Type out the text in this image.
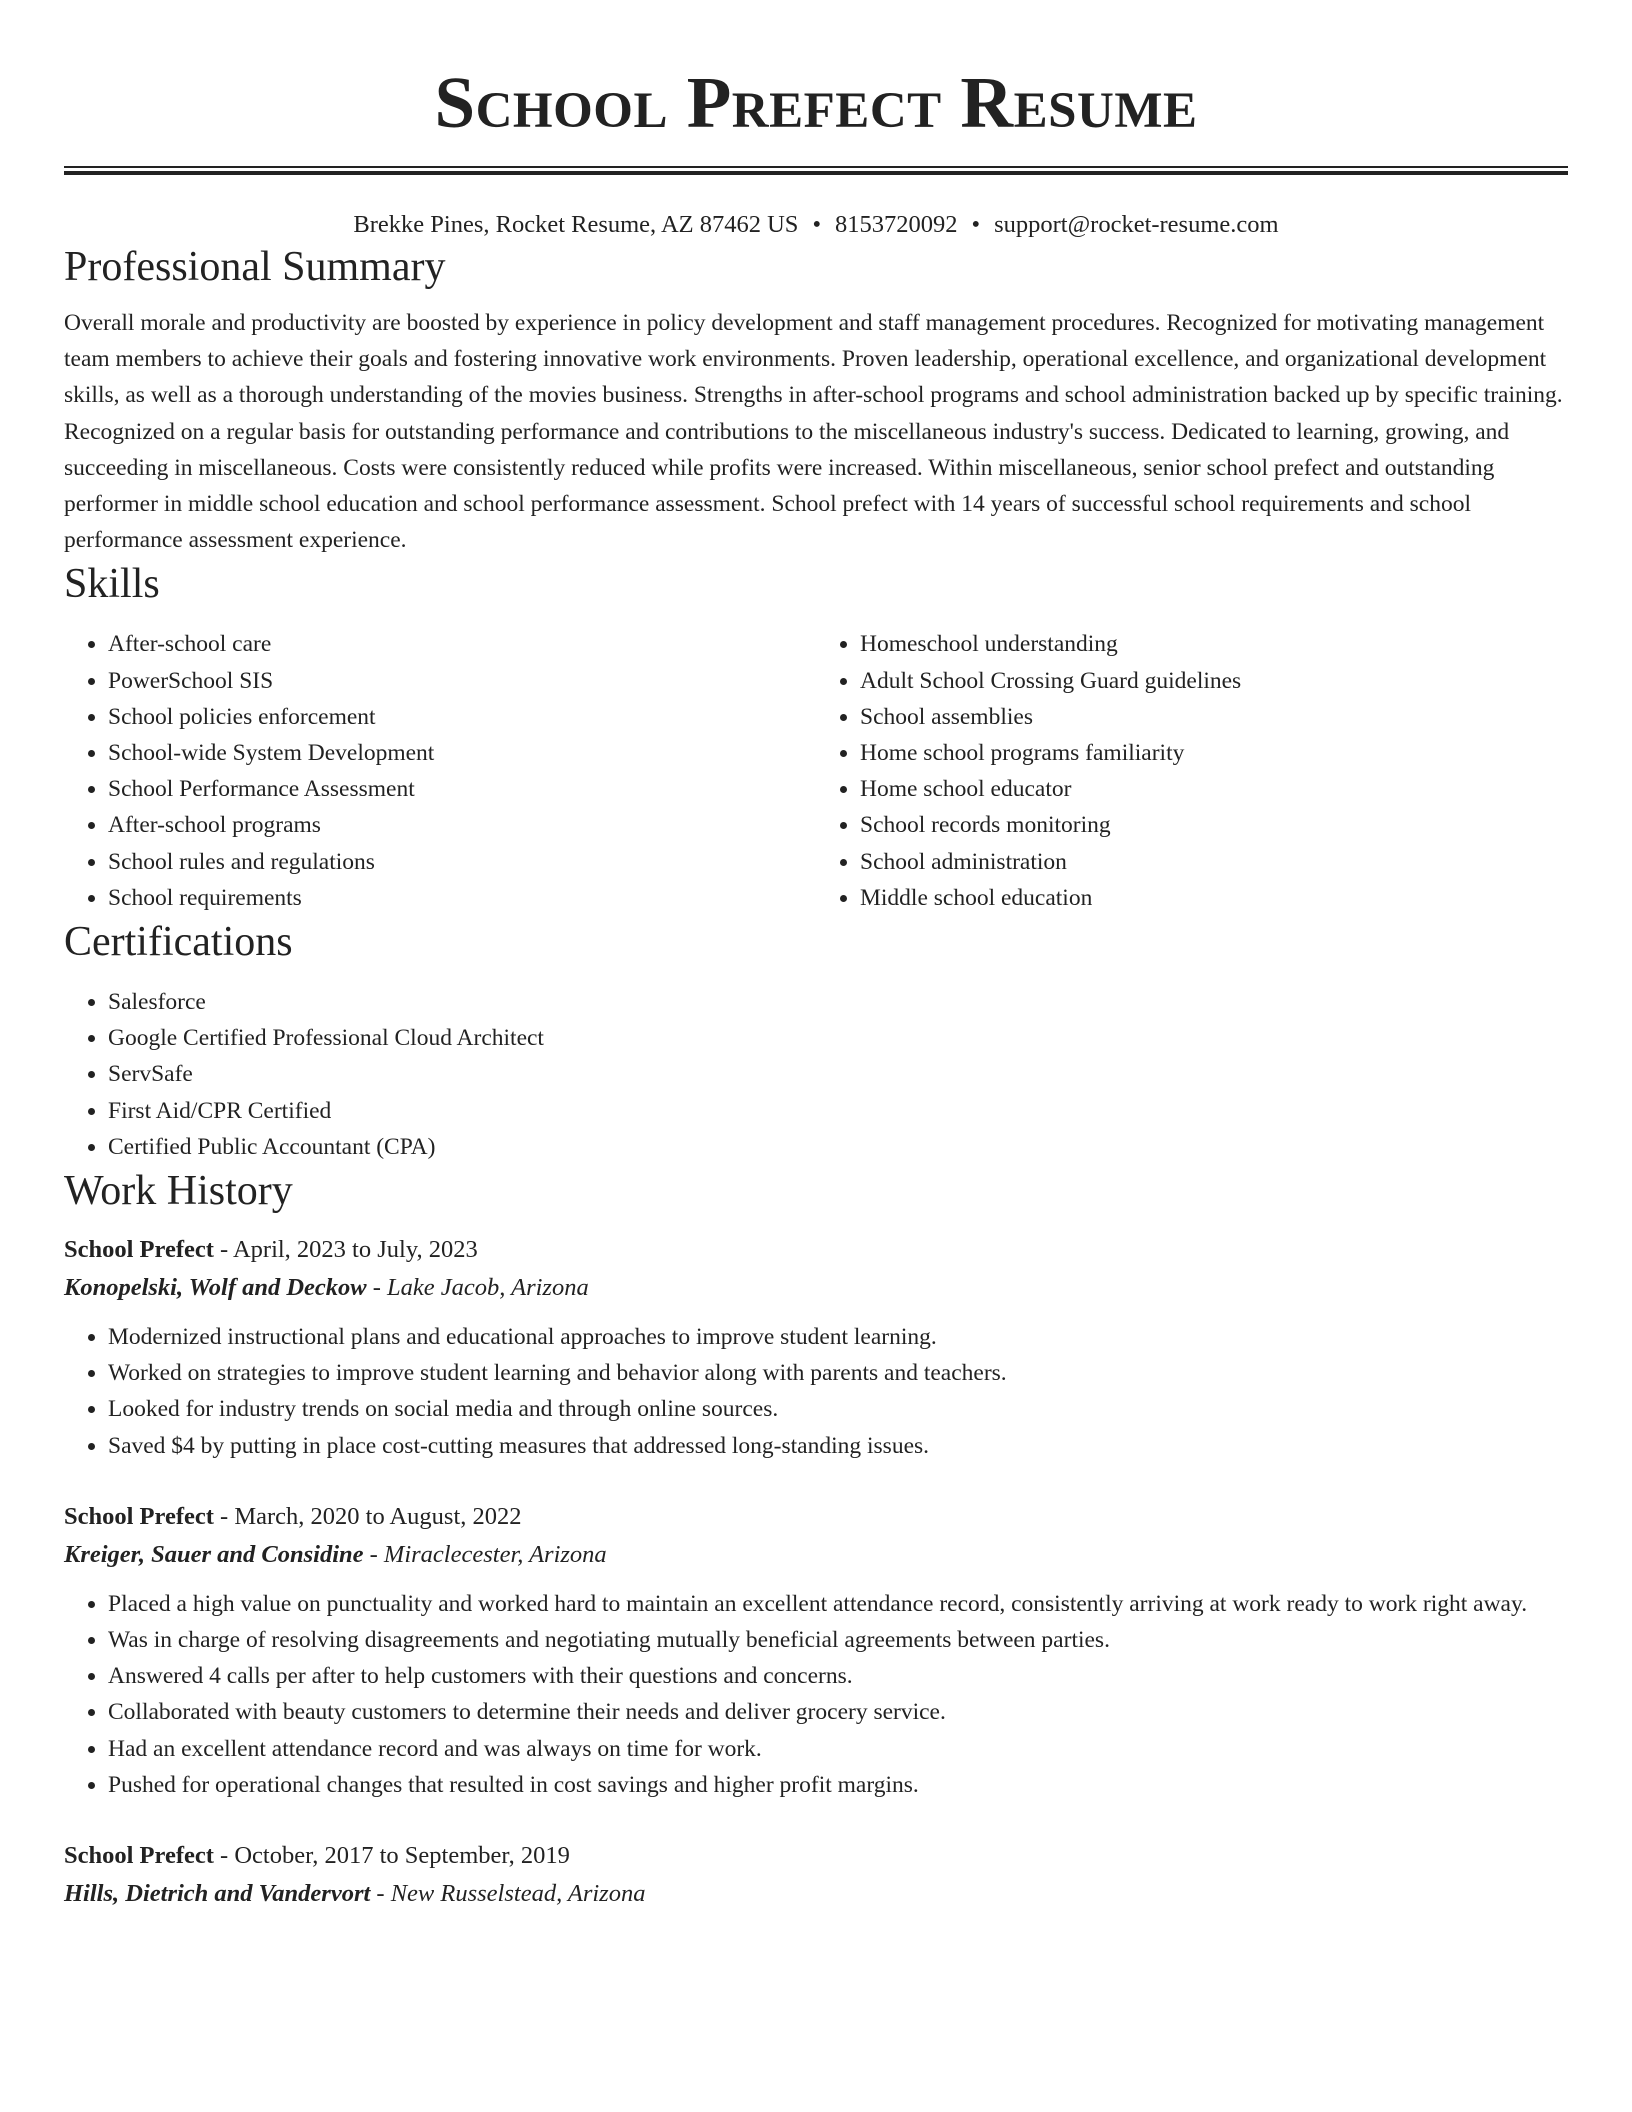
School Prefect Resume
Brekke Pines, Rocket Resume, AZ 87462 US • 8153720092 • support@rocket-resume.com
Professional Summary

Overall morale and productivity are boosted by experience in policy development and staff management procedures. Recognized for motivating management team members to achieve their goals and fostering innovative work environments. Proven leadership, operational excellence, and organizational development skills, as well as a thorough understanding of the movies business. Strengths in after-school programs and school administration backed up by specific training. Recognized on a regular basis for outstanding performance and contributions to the miscellaneous industry's success. Dedicated to learning, growing, and succeeding in miscellaneous. Costs were consistently reduced while profits were increased. Within miscellaneous, senior school prefect and outstanding performer in middle school education and school performance assessment. School prefect with 14 years of successful school requirements and school performance assessment experience.

Skills
• After-school care
• PowerSchool SIS
• School policies enforcement
• School-wide System Development
• School Performance Assessment
• After-school programs
• School rules and regulations
• School requirements
• Homeschool understanding
• Adult School Crossing Guard guidelines
• School assemblies
• Home school programs familiarity
• Home school educator
• School records monitoring
• School administration
• Middle school education
Certifications
• Salesforce
• Google Certified Professional Cloud Architect
• ServSafe
• First Aid/CPR Certified
• Certified Public Accountant (CPA)
Work History
School Prefect - April, 2023 to July, 2023
Konopelski, Wolf and Deckow - Lake Jacob, Arizona
• Modernized instructional plans and educational approaches to improve student learning.
• Worked on strategies to improve student learning and behavior along with parents and teachers.
• Looked for industry trends on social media and through online sources.
• Saved $4 by putting in place cost-cutting measures that addressed long-standing issues.
School Prefect - March, 2020 to August, 2022
Kreiger, Sauer and Considine - Miraclecester, Arizona
• Placed a high value on punctuality and worked hard to maintain an excellent attendance record, consistently arriving at work ready to work right away.
• Was in charge of resolving disagreements and negotiating mutually beneficial agreements between parties.
• Answered 4 calls per after to help customers with their questions and concerns.
• Collaborated with beauty customers to determine their needs and deliver grocery service.
• Had an excellent attendance record and was always on time for work.
• Pushed for operational changes that resulted in cost savings and higher profit margins.
School Prefect - October, 2017 to September, 2019
Hills, Dietrich and Vandervort - New Russelstead, Arizona
